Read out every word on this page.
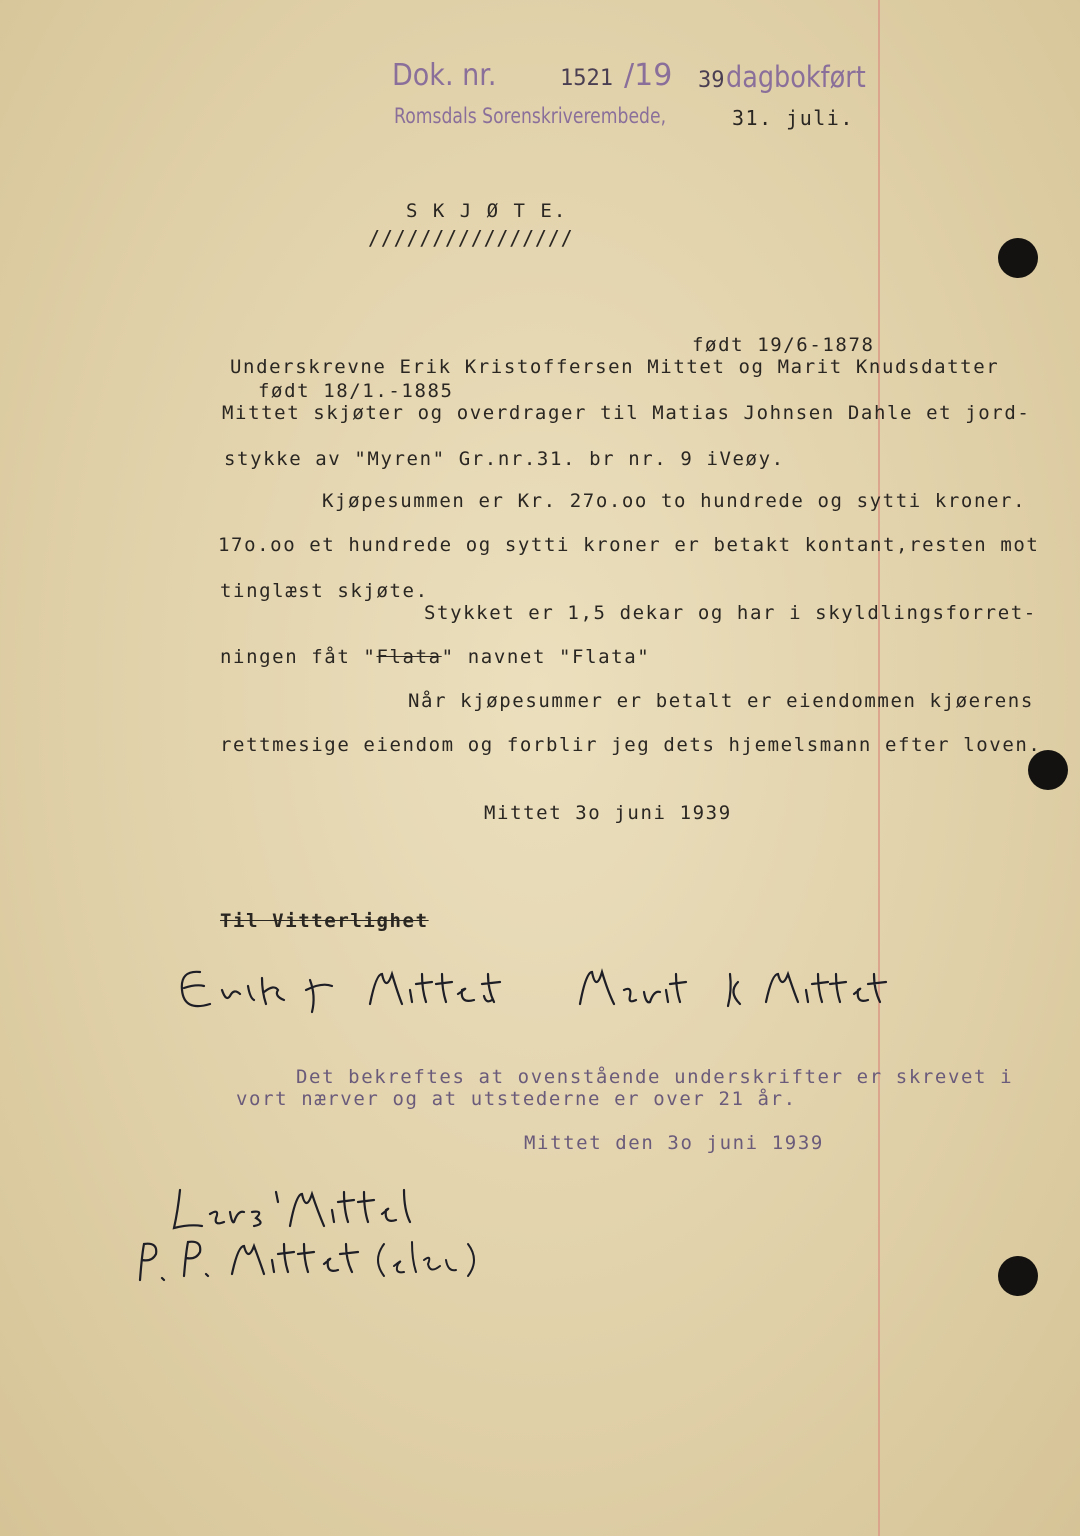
Dok. nr.	1521 /19 39 dagbokført
Romsdals Sorenskriverembede,	31. juli.
S K J Ø T E.
////////////////
født 19/6-1878
Underskrevne Erik Kristoffersen Mittet og Marit Knudsdatter
født 18/1.-1885
Mittet skjøter og overdrager til Matias Johnsen Dahle et jord-
stykke av "Myren" Gr.nr.31. br nr. 9 iVeøy.
Kjøpesummen er Kr. 27o.oo to hundrede og sytti kroner.
17o.oo et hundrede og sytti kroner er betakt kontant,resten mot
tinglæst skjøte.
Stykket er 1,5 dekar og har i skyldlingsforret-
ningen fåt "Flata" navnet "Flata"
Når kjøpesummer er betalt er eiendommen kjøerens
rettmesige eiendom og forblir jeg dets hjemelsmann efter loven.
Mittet 3o juni 1939
Til Vitterlighet
Det bekreftes at ovenstående underskrifter er skrevet i
vort nærver og at utstederne er over 21 år.
Mittet den 3o juni 1939
